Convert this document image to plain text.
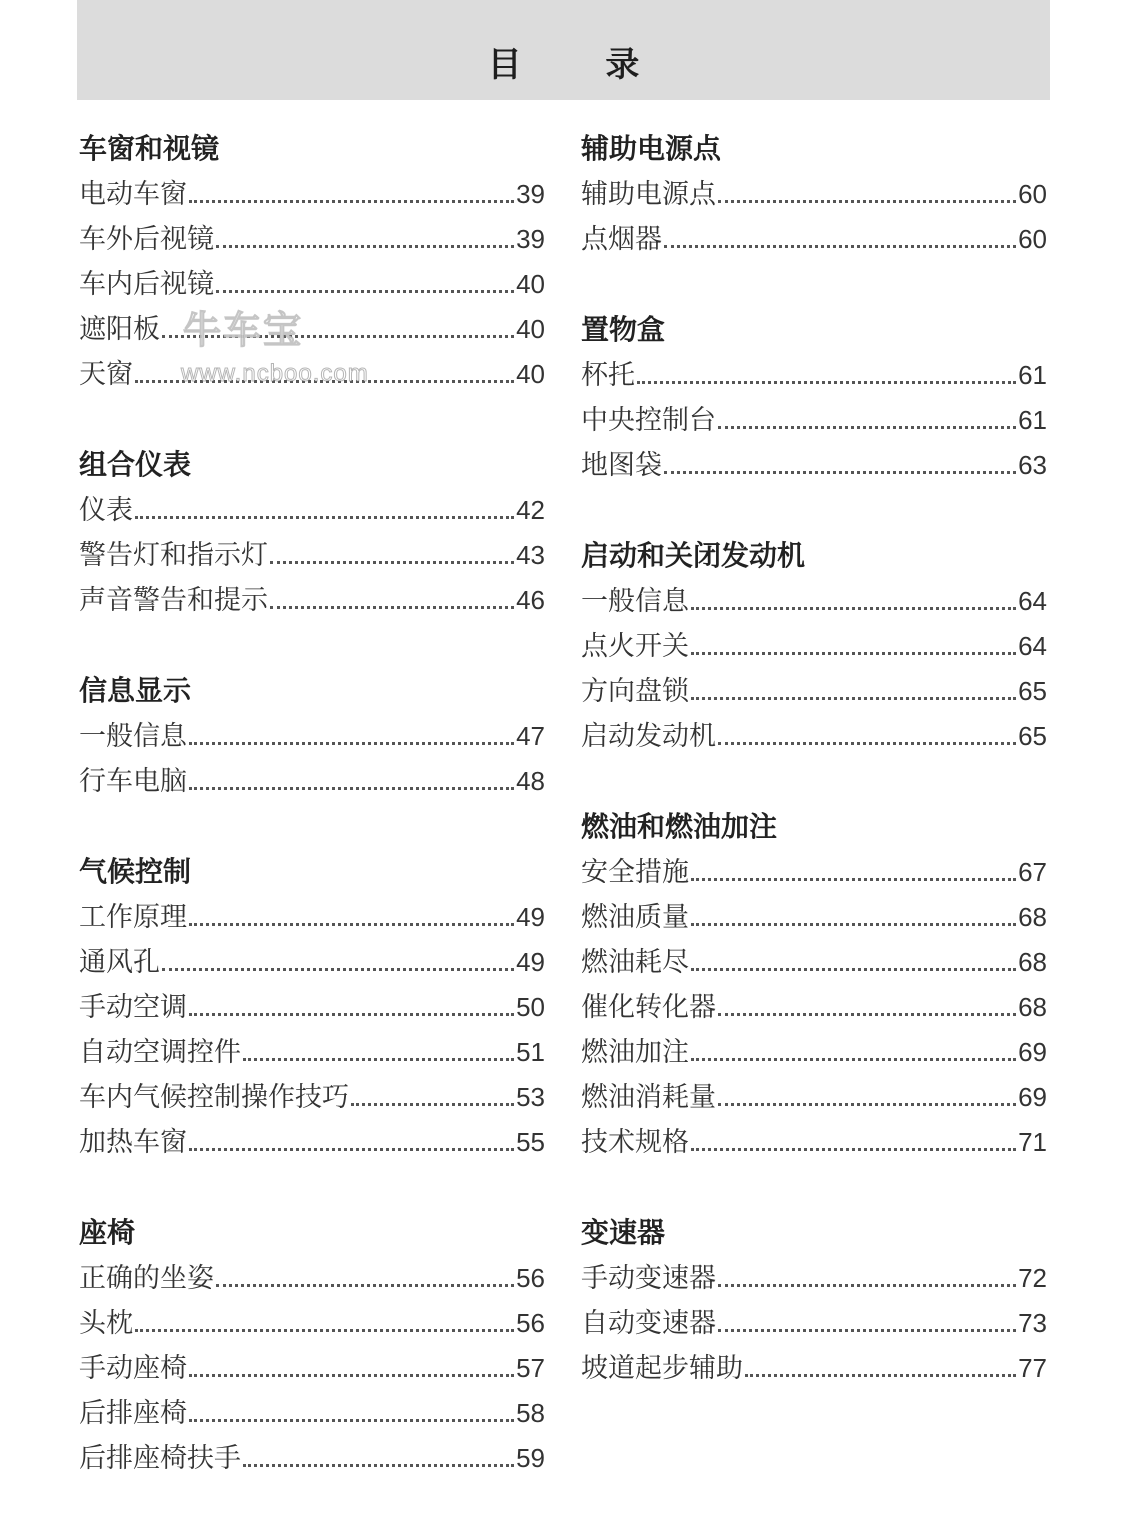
目 录
车窗和视镜
电动车窗	39
车外后视镜	39
车内后视镜	40
遮阳板	40
天窗	40
组合仪表
仪表	42
警告灯和指示灯	43
声音警告和提示	46
信息显示
一般信息	47
行车电脑	48
气候控制
工作原理	49
通风孔	49
手动空调	50
自动空调控件	51
车内气候控制操作技巧	53
加热车窗	55
座椅
正确的坐姿	56
头枕	56
手动座椅	57
后排座椅	58
后排座椅扶手	59
辅助电源点
辅助电源点	60
点烟器	60
置物盒
杯托	61
中央控制台	61
地图袋	63
启动和关闭发动机
一般信息	64
点火开关	64
方向盘锁	65
启动发动机	65
燃油和燃油加注
安全措施	67
燃油质量	68
燃油耗尽	68
催化转化器	68
燃油加注	69
燃油消耗量	69
技术规格	71
变速器
手动变速器	72
自动变速器	73
坡道起步辅助	77
牛车宝
www.ncboo.com
